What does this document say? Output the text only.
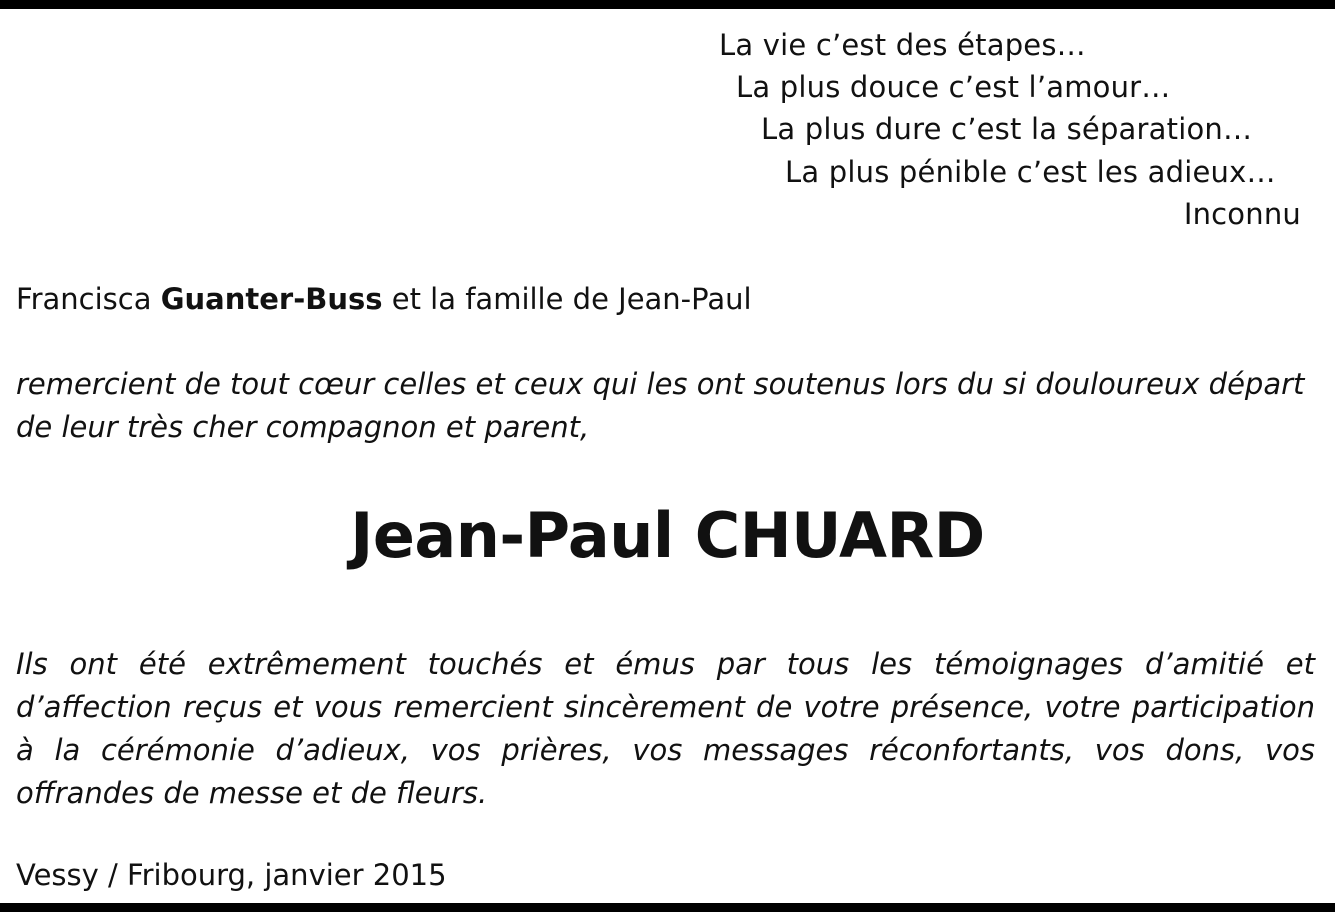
La vie c’est des étapes…
La plus douce c’est l’amour…
La plus dure c’est la séparation…
La plus pénible c’est les adieux…
Inconnu
Francisca Guanter-Buss et la famille de Jean-Paul
remercient de tout cœur celles et ceux qui les ont soutenus lors du si douloureux départ de leur très cher compagnon et parent,
Jean-Paul CHUARD
Ils ont été extrêmement touchés et émus par tous les témoignages d’amitié et d’affection reçus et vous remercient sincèrement de votre présence, votre participation à la cérémonie d’adieux, vos prières, vos messages réconfortants, vos dons, vos offrandes de messe et de fleurs.
Vessy / Fribourg, janvier 2015
